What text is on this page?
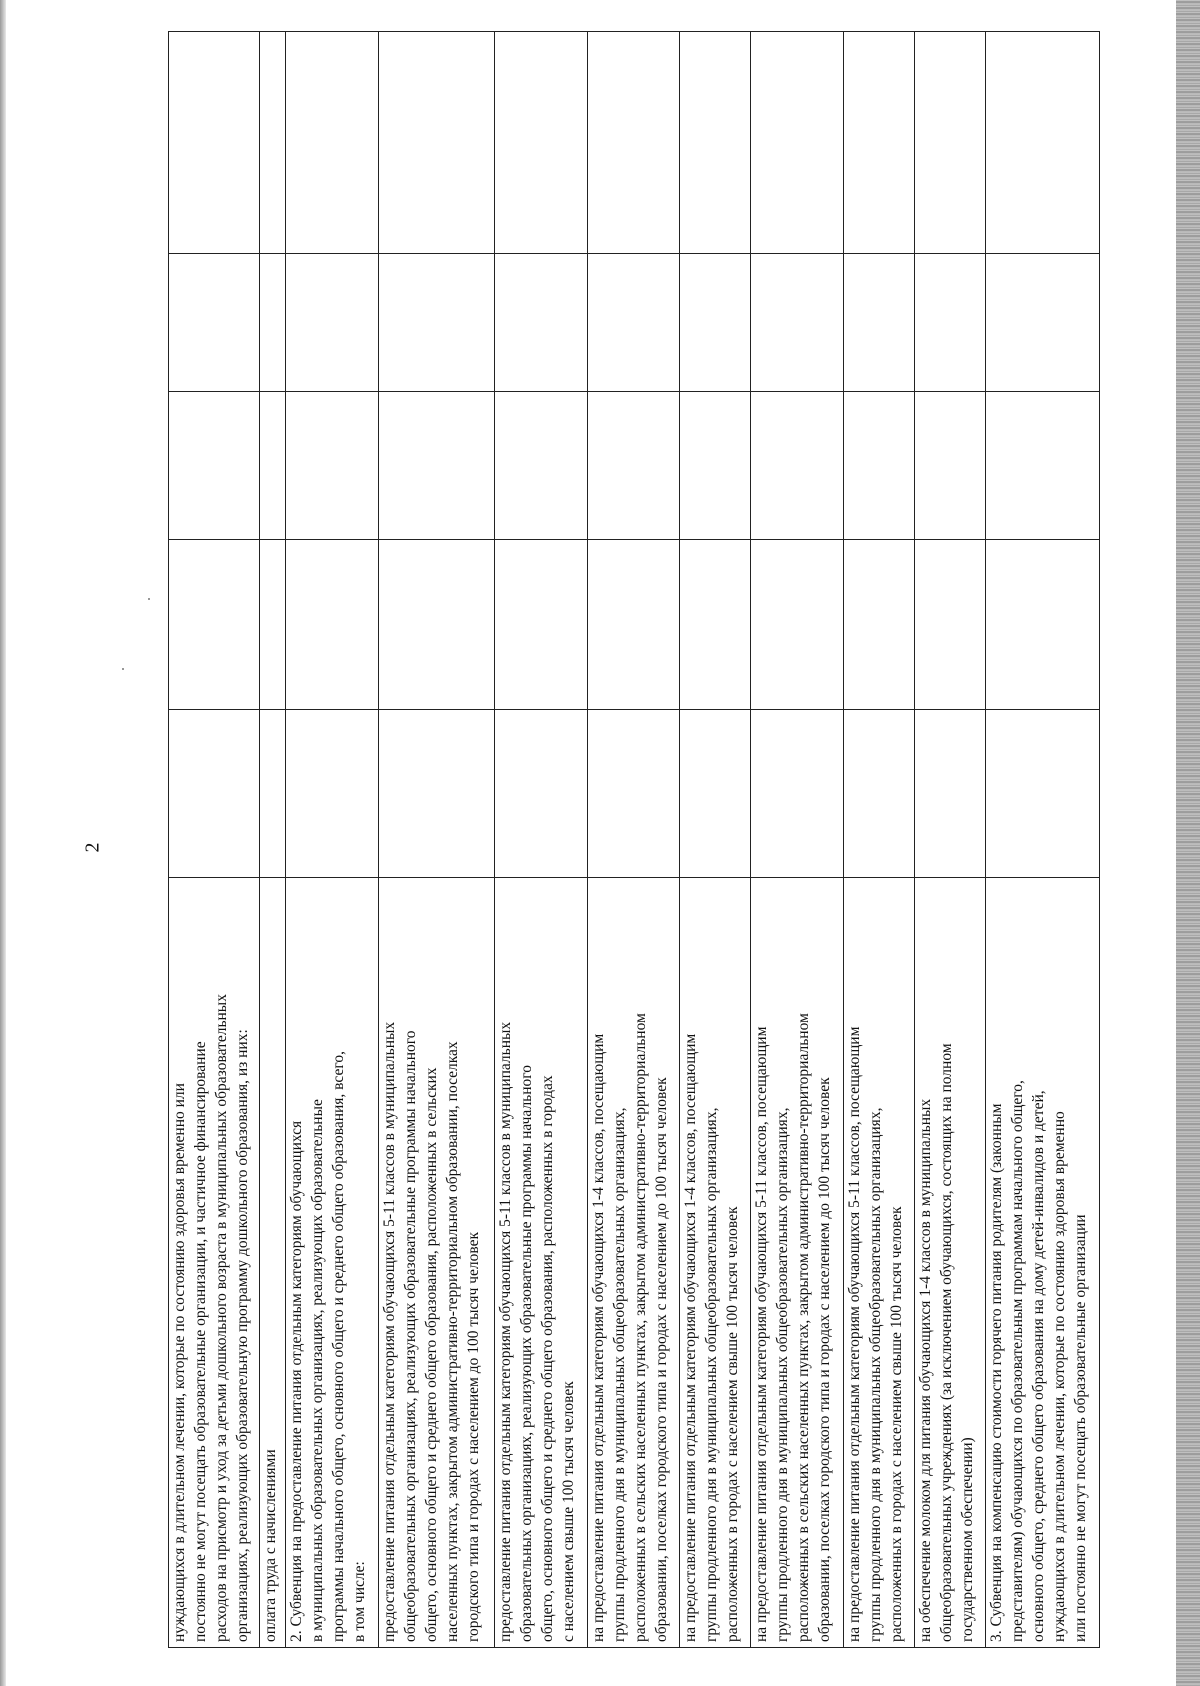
2
нуждающихся в длительном лечении, которые по состоянию здоровья временно или постоянно не могут посещать образовательные организации, и частичное финансирование расходов на присмотр и уход за детьми дошкольного возраста в муниципальных образовательных организациях, реализующих образовательную программу дошкольного образования, из них:					

оплата труда с начислениями					

2. Субвенция на предоставление питания отдельным категориям обучающихся в муниципальных образовательных организациях, реализующих образовательные программы начального общего, основного общего и среднего общего образования, всего, в том числе:					

предоставление питания отдельным категориям обучающихся 5-11 классов в муниципальных общеобразовательных организациях, реализующих образовательные программы начального общего, основного общего и среднего общего образования, расположенных в сельских населенных пунктах, закрытом административно-территориальном образовании, поселках городского типа и городах с населением до 100 тысяч человек					

предоставление питания отдельным категориям обучающихся 5-11 классов в муниципальных образовательных организациях, реализующих образовательные программы начального общего, основного общего и среднего общего образования, расположенных в городах с населением свыше 100 тысяч человек					

на предоставление питания отдельным категориям обучающихся 1-4 классов, посещающим группы продленного дня в муниципальных общеобразовательных организациях, расположенных в сельских населенных пунктах, закрытом административно-территориальном образовании, поселках городского типа и городах с населением до 100 тысяч человек					

на предоставление питания отдельным категориям обучающихся 1-4 классов, посещающим группы продленного дня в муниципальных общеобразовательных организациях, расположенных в городах с населением свыше 100 тысяч человек					

на предоставление питания отдельным категориям обучающихся 5-11 классов, посещающим группы продленного дня в муниципальных общеобразовательных организациях, расположенных в сельских населенных пунктах, закрытом административно-территориальном образовании, поселках городского типа и городах с населением до 100 тысяч человек					

на предоставление питания отдельным категориям обучающихся 5-11 классов, посещающим группы продленного дня в муниципальных общеобразовательных организациях, расположенных в городах с населением свыше 100 тысяч человек					

на обеспечение молоком для питания обучающихся 1-4 классов в муниципальных общеобразовательных учреждениях (за исключением обучающихся, состоящих на полном государственном обеспечении)					

3. Субвенция на компенсацию стоимости горячего питания родителям (законным представителям) обучающихся по образовательным программам начального общего, основного общего, среднего общего образования на дому детей-инвалидов и детей, нуждающихся в длительном лечении, которые по состоянию здоровья временно или постоянно не могут посещать образовательные организации					
